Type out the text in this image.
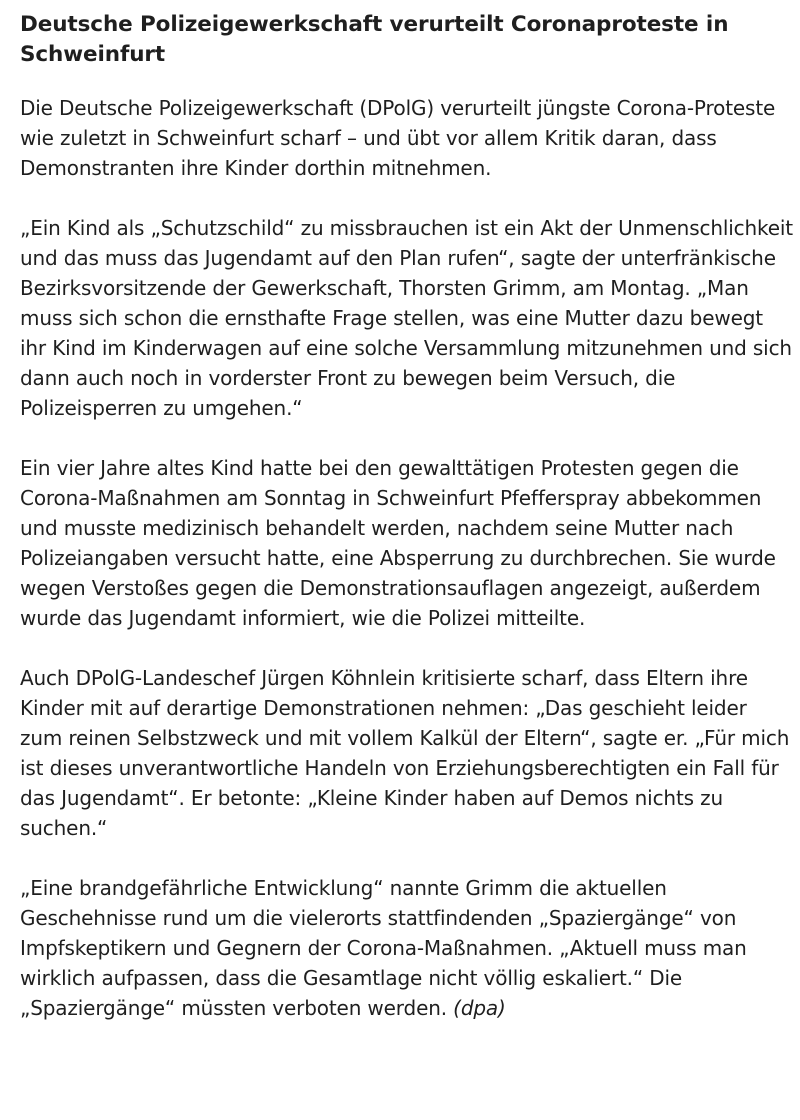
Deutsche Polizeigewerkschaft verurteilt Coronaproteste in Schweinfurt

Die Deutsche Polizeigewerkschaft (DPolG) verurteilt jüngste Corona-Proteste wie zuletzt in Schweinfurt scharf – und übt vor allem Kritik daran, dass Demonstranten ihre Kinder dorthin mitnehmen.

„Ein Kind als „Schutzschild“ zu missbrauchen ist ein Akt der Unmenschlichkeit und das muss das Jugendamt auf den Plan rufen“, sagte der unterfränkische Bezirksvorsitzende der Gewerkschaft, Thorsten Grimm, am Montag. „Man muss sich schon die ernsthafte Frage stellen, was eine Mutter dazu bewegt ihr Kind im Kinderwagen auf eine solche Versammlung mitzunehmen und sich dann auch noch in vorderster Front zu bewegen beim Versuch, die Polizeisperren zu umgehen.“

Ein vier Jahre altes Kind hatte bei den gewalttätigen Protesten gegen die Corona-Maßnahmen am Sonntag in Schweinfurt Pfefferspray abbekommen und musste medizinisch behandelt werden, nachdem seine Mutter nach Polizeiangaben versucht hatte, eine Absperrung zu durchbrechen. Sie wurde wegen Verstoßes gegen die Demonstrationsauflagen angezeigt, außerdem wurde das Jugendamt informiert, wie die Polizei mitteilte.

Auch DPolG-Landeschef Jürgen Köhnlein kritisierte scharf, dass Eltern ihre Kinder mit auf derartige Demonstrationen nehmen: „Das geschieht leider zum reinen Selbstzweck und mit vollem Kalkül der Eltern“, sagte er. „Für mich ist dieses unverantwortliche Handeln von Erziehungsberechtigten ein Fall für das Jugendamt“. Er betonte: „Kleine Kinder haben auf Demos nichts zu suchen.“

„Eine brandgefährliche Entwicklung“ nannte Grimm die aktuellen Geschehnisse rund um die vielerorts stattfindenden „Spaziergänge“ von Impfskeptikern und Gegnern der Corona-Maßnahmen. „Aktuell muss man wirklich aufpassen, dass die Gesamtlage nicht völlig eskaliert.“ Die „Spaziergänge“ müssten verboten werden. (dpa)
